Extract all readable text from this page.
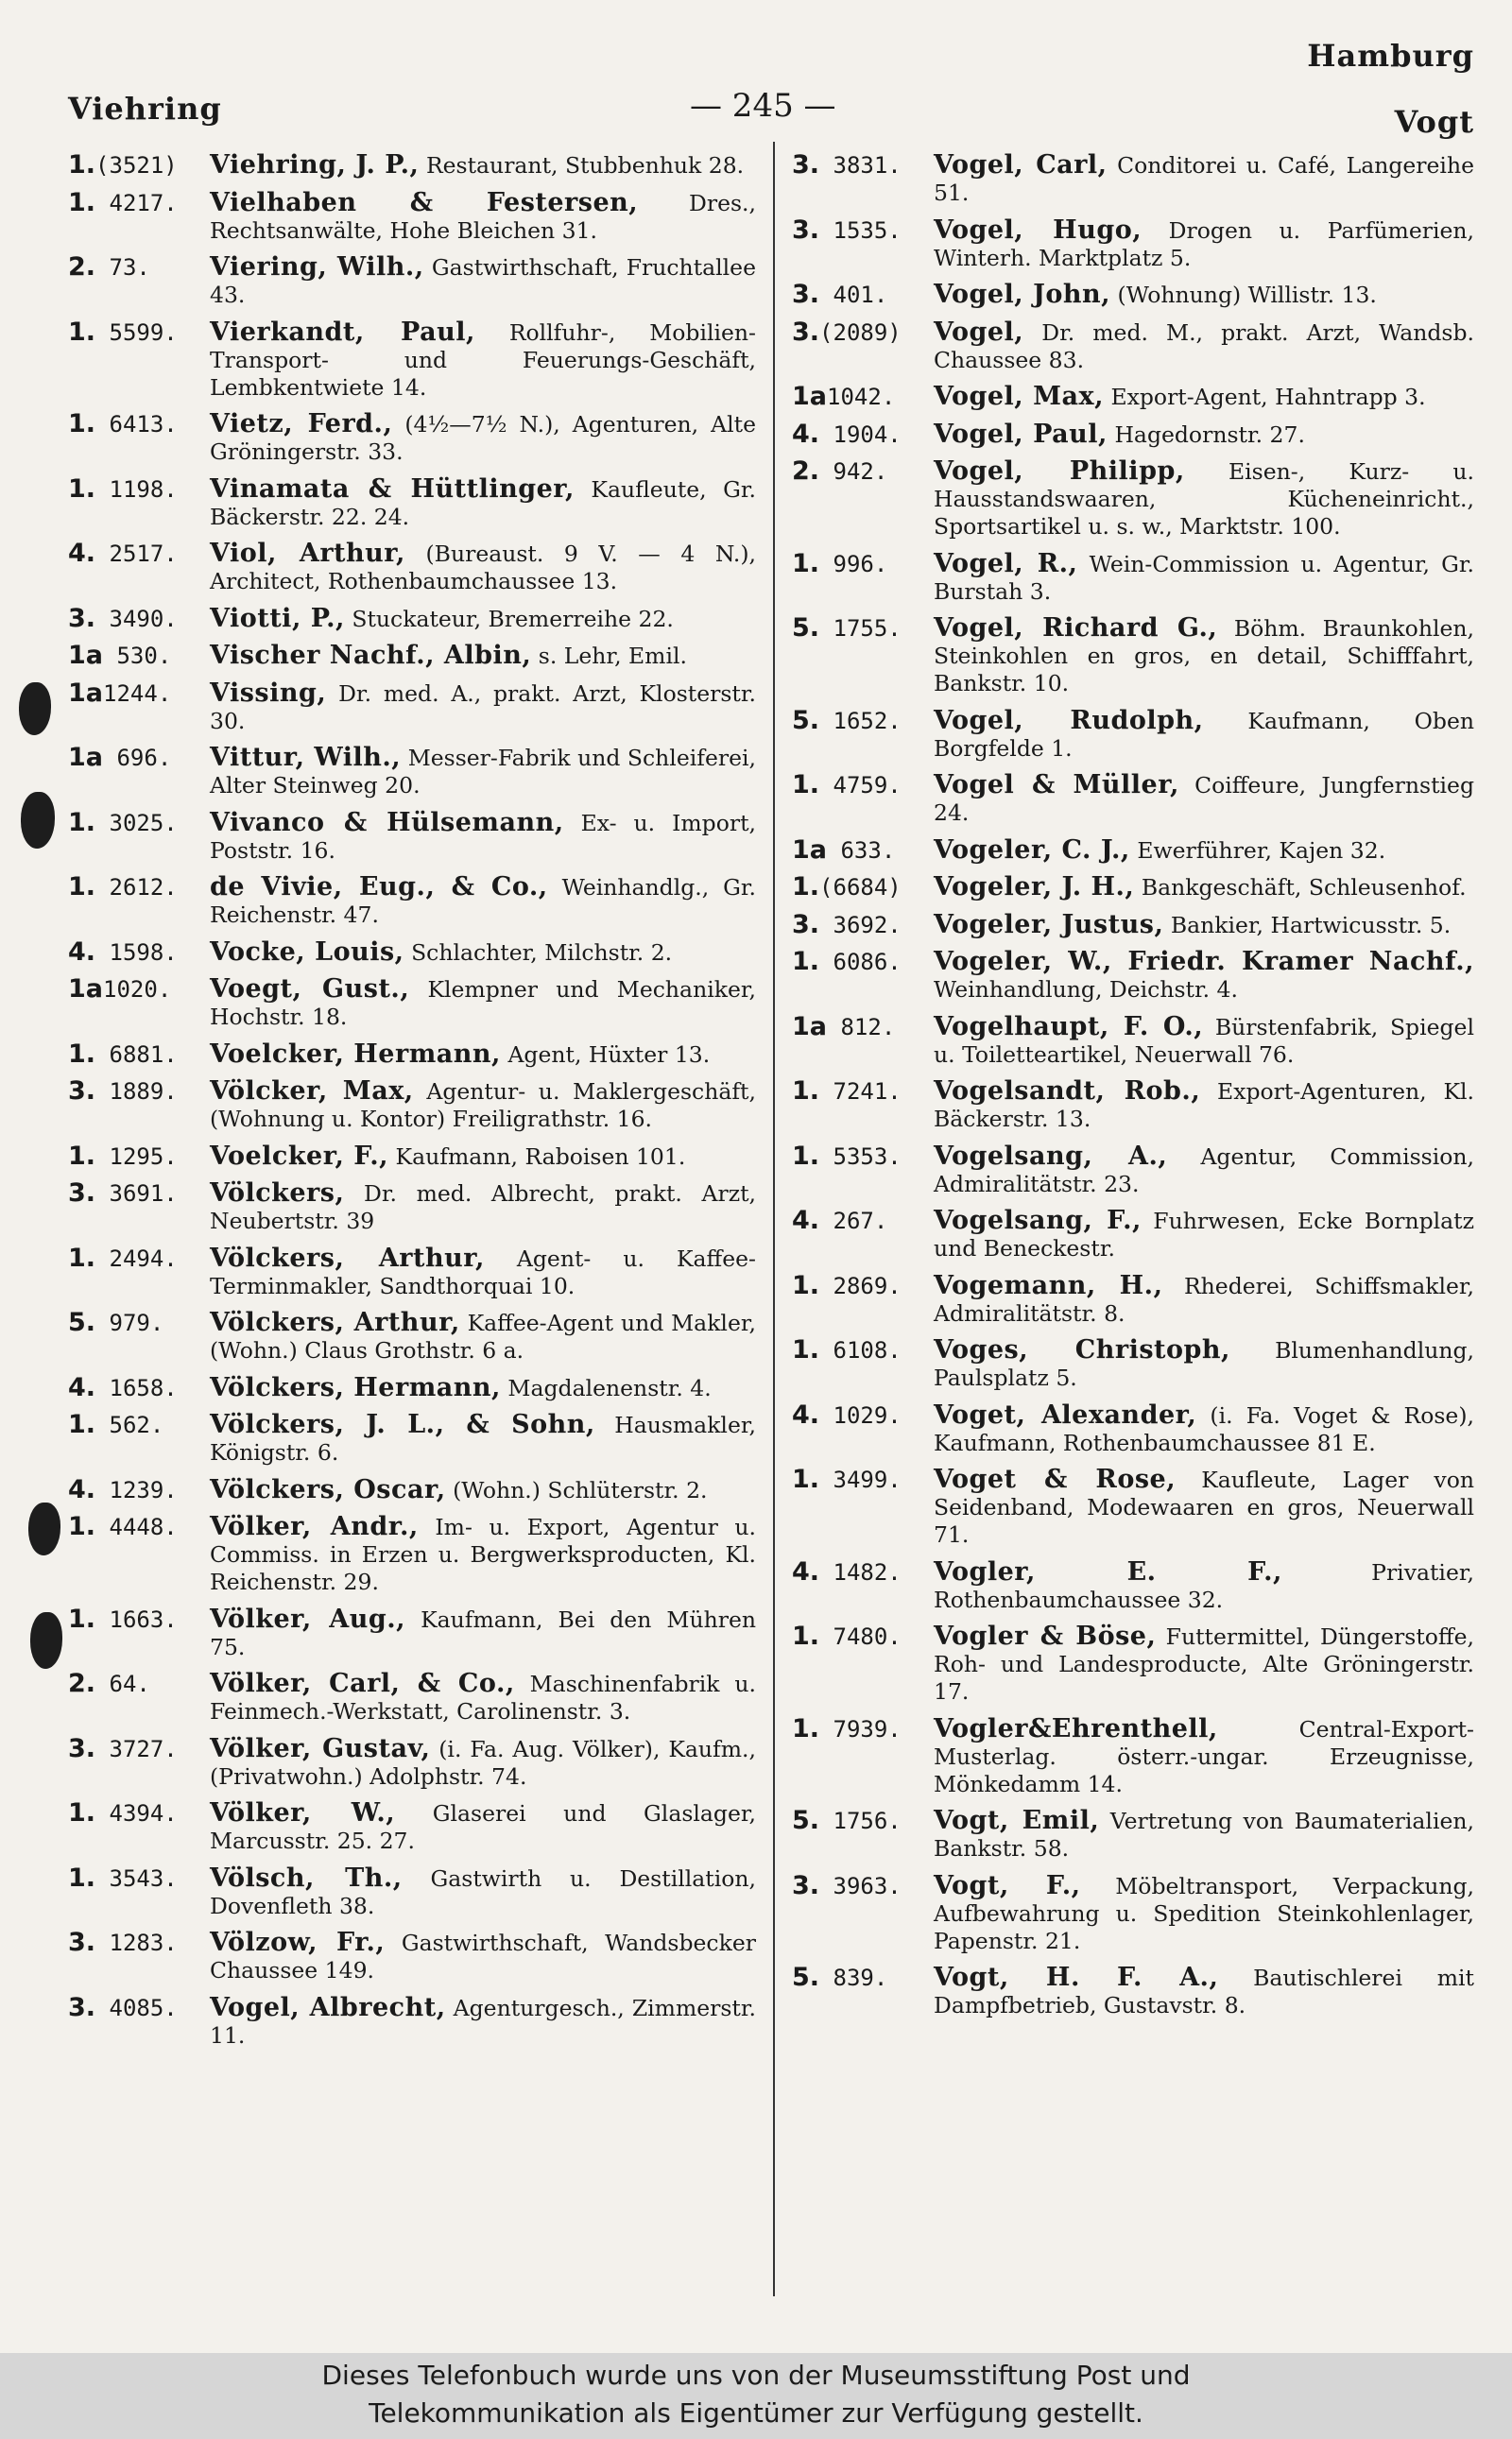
Hamburg
Viehring	— 245 —	Vogt
1.(3521)	Viehring, J. P., Restaurant, Stubbenhuk 28.
1. 4217.	Vielhaben & Festersen, Dres., Rechtsanwälte, Hohe Bleichen 31.
2. 73.	Viering, Wilh., Gastwirthschaft, Fruchtallee 43.
1. 5599.	Vierkandt, Paul, Rollfuhr-, Mobilien-Transport- und Feuerungs-Geschäft, Lembkentwiete 14.
1. 6413.	Vietz, Ferd., (4½—7½ N.), Agenturen, Alte Gröningerstr. 33.
1. 1198.	Vinamata & Hüttlinger, Kaufleute, Gr. Bäckerstr. 22. 24.
4. 2517.	Viol, Arthur, (Bureaust. 9 V. — 4 N.), Architect, Rothenbaumchaussee 13.
3. 3490.	Viotti, P., Stuckateur, Bremerreihe 22.
1a 530.	Vischer Nachf., Albin, s. Lehr, Emil.
1a1244.	Vissing, Dr. med. A., prakt. Arzt, Klosterstr. 30.
1a 696.	Vittur, Wilh., Messer-Fabrik und Schleiferei, Alter Steinweg 20.
1. 3025.	Vivanco & Hülsemann, Ex- u. Import, Poststr. 16.
1. 2612.	de Vivie, Eug., & Co., Weinhandlg., Gr. Reichenstr. 47.
4. 1598.	Vocke, Louis, Schlachter, Milchstr. 2.
1a1020.	Voegt, Gust., Klempner und Mechaniker, Hochstr. 18.
1. 6881.	Voelcker, Hermann, Agent, Hüxter 13.
3. 1889.	Völcker, Max, Agentur- u. Maklergeschäft, (Wohnung u. Kontor) Freiligrathstr. 16.
1. 1295.	Voelcker, F., Kaufmann, Raboisen 101.
3. 3691.	Völckers, Dr. med. Albrecht, prakt. Arzt, Neubertstr. 39
1. 2494.	Völckers, Arthur, Agent- u. Kaffee-Terminmakler, Sandthorquai 10.
5. 979.	Völckers, Arthur, Kaffee-Agent und Makler, (Wohn.) Claus Grothstr. 6 a.
4. 1658.	Völckers, Hermann, Magdalenenstr. 4.
1. 562.	Völckers, J. L., & Sohn, Hausmakler, Königstr. 6.
4. 1239.	Völckers, Oscar, (Wohn.) Schlüterstr. 2.
1. 4448.	Völker, Andr., Im- u. Export, Agentur u. Commiss. in Erzen u. Bergwerksproducten, Kl. Reichenstr. 29.
1. 1663.	Völker, Aug., Kaufmann, Bei den Mühren 75.
2. 64.	Völker, Carl, & Co., Maschinenfabrik u. Feinmech.-Werkstatt, Carolinenstr. 3.
3. 3727.	Völker, Gustav, (i. Fa. Aug. Völker), Kaufm., (Privatwohn.) Adolphstr. 74.
1. 4394.	Völker, W., Glaserei und Glaslager, Marcusstr. 25. 27.
1. 3543.	Völsch, Th., Gastwirth u. Destillation, Dovenfleth 38.
3. 1283.	Völzow, Fr., Gastwirthschaft, Wandsbecker Chaussee 149.
3. 4085.	Vogel, Albrecht, Agenturgesch., Zimmerstr. 11.
3. 3831.	Vogel, Carl, Conditorei u. Café, Langereihe 51.
3. 1535.	Vogel, Hugo, Drogen u. Parfümerien, Winterh. Marktplatz 5.
3. 401.	Vogel, John, (Wohnung) Willistr. 13.
3.(2089)	Vogel, Dr. med. M., prakt. Arzt, Wandsb. Chaussee 83.
1a1042.	Vogel, Max, Export-Agent, Hahntrapp 3.
4. 1904.	Vogel, Paul, Hagedornstr. 27.
2. 942.	Vogel, Philipp, Eisen-, Kurz- u. Hausstandswaaren, Kücheneinricht., Sportsartikel u. s. w., Marktstr. 100.
1. 996.	Vogel, R., Wein-Commission u. Agentur, Gr. Burstah 3.
5. 1755.	Vogel, Richard G., Böhm. Braunkohlen, Steinkohlen en gros, en detail, Schifffahrt, Bankstr. 10.
5. 1652.	Vogel, Rudolph, Kaufmann, Oben Borgfelde 1.
1. 4759.	Vogel & Müller, Coiffeure, Jungfernstieg 24.
1a 633.	Vogeler, C. J., Ewerführer, Kajen 32.
1.(6684)	Vogeler, J. H., Bankgeschäft, Schleusenhof.
3. 3692.	Vogeler, Justus, Bankier, Hartwicusstr. 5.
1. 6086.	Vogeler, W., Friedr. Kramer Nachf., Weinhandlung, Deichstr. 4.
1a 812.	Vogelhaupt, F. O., Bürstenfabrik, Spiegel u. Toiletteartikel, Neuerwall 76.
1. 7241.	Vogelsandt, Rob., Export-Agenturen, Kl. Bäckerstr. 13.
1. 5353.	Vogelsang, A., Agentur, Commission, Admiralitätstr. 23.
4. 267.	Vogelsang, F., Fuhrwesen, Ecke Bornplatz und Beneckestr.
1. 2869.	Vogemann, H., Rhederei, Schiffsmakler, Admiralitätstr. 8.
1. 6108.	Voges, Christoph, Blumenhandlung, Paulsplatz 5.
4. 1029.	Voget, Alexander, (i. Fa. Voget & Rose), Kaufmann, Rothenbaumchaussee 81 E.
1. 3499.	Voget & Rose, Kaufleute, Lager von Seidenband, Modewaaren en gros, Neuerwall 71.
4. 1482.	Vogler, E. F.,	Privatier, Rothenbaumchaussee 32.
1. 7480.	Vogler & Böse, Futtermittel, Düngerstoffe, Roh- und Landesproducte, Alte Gröningerstr. 17.
1. 7939.	Vogler&Ehrenthell,	Central-Export-Musterlag. österr.-ungar. Erzeugnisse, Mönkedamm 14.
5. 1756.	Vogt, Emil, Vertretung von Baumaterialien, Bankstr. 58.
3. 3963.	Vogt, F., Möbeltransport, Verpackung, Aufbewahrung u. Spedition Steinkohlenlager, Papenstr. 21.
5. 839.	Vogt, H. F. A., Bautischlerei mit Dampfbetrieb, Gustavstr. 8.
Dieses Telefonbuch wurde uns von der Museumsstiftung Post und
Telekommunikation als Eigentümer zur Verfügung gestellt.
